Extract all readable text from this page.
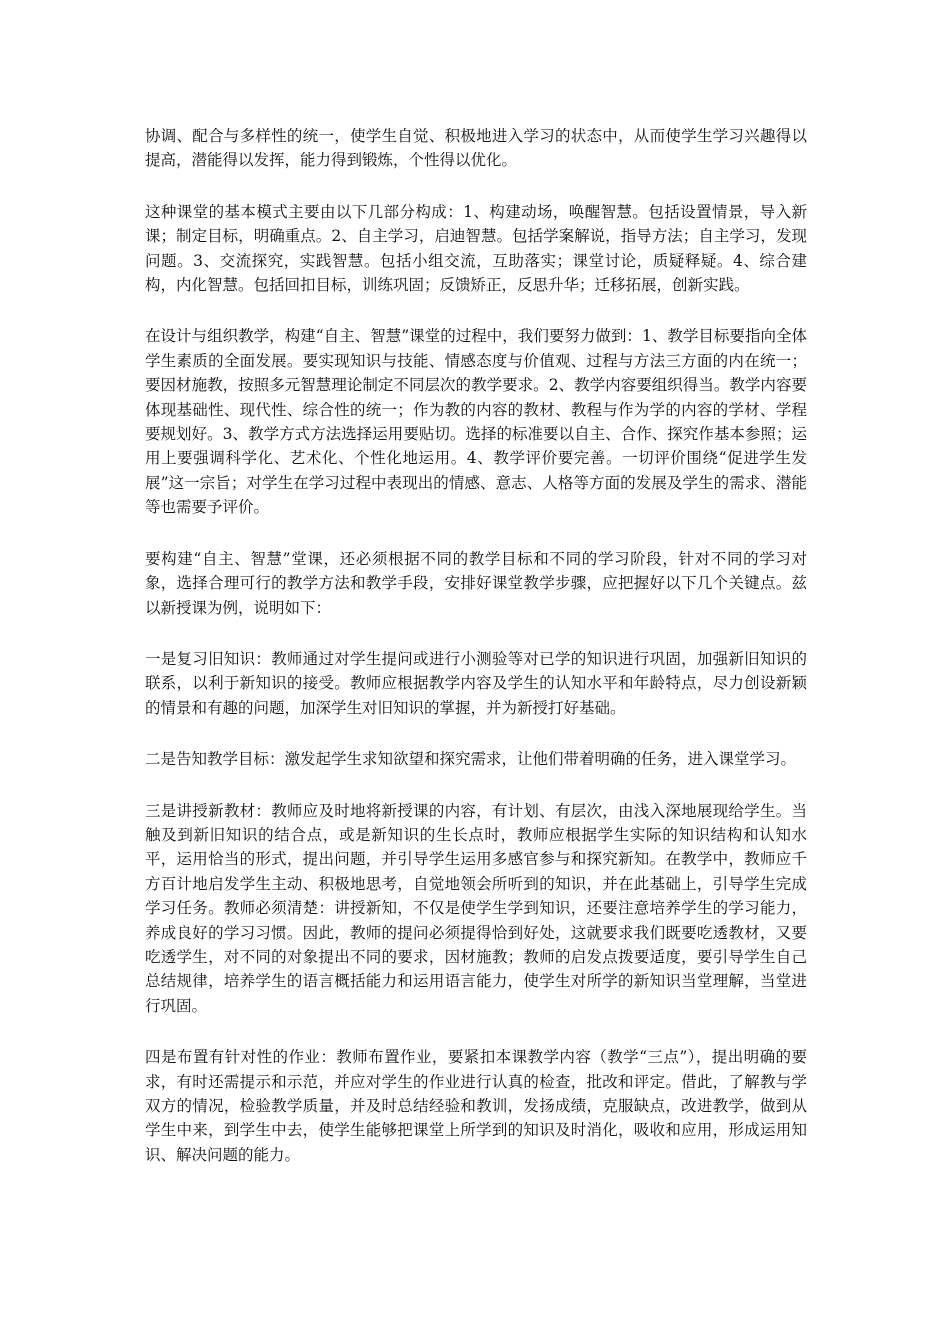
协调、配合与多样性的统一，使学生自觉、积极地进入学习的状态中，从而使学生学习兴趣得以提高，潜能得以发挥，能力得到锻炼，个性得以优化。

这种课堂的基本模式主要由以下几部分构成：1、构建动场，唤醒智慧。包括设置情景，导入新课；制定目标，明确重点。2、自主学习，启迪智慧。包括学案解说，指导方法；自主学习，发现问题。3、交流探究，实践智慧。包括小组交流，互助落实；课堂讨论，质疑释疑。4、综合建构，内化智慧。包括回扣目标，训练巩固；反馈矫正，反思升华；迁移拓展，创新实践。

在设计与组织教学，构建“自主、智慧”课堂的过程中，我们要努力做到：1、教学目标要指向全体学生素质的全面发展。要实现知识与技能、情感态度与价值观、过程与方法三方面的内在统一；要因材施教，按照多元智慧理论制定不同层次的教学要求。2、教学内容要组织得当。教学内容要体现基础性、现代性、综合性的统一；作为教的内容的教材、教程与作为学的内容的学材、学程要规划好。3、教学方式方法选择运用要贴切。选择的标准要以自主、合作、探究作基本参照；运用上要强调科学化、艺术化、个性化地运用。4、教学评价要完善。一切评价围绕“促进学生发展”这一宗旨；对学生在学习过程中表现出的情感、意志、人格等方面的发展及学生的需求、潜能等也需要予评价。

要构建“自主、智慧”堂课，还必须根据不同的教学目标和不同的学习阶段，针对不同的学习对象，选择合理可行的教学方法和教学手段，安排好课堂教学步骤，应把握好以下几个关键点。兹以新授课为例，说明如下：

一是复习旧知识：教师通过对学生提问或进行小测验等对已学的知识进行巩固，加强新旧知识的联系，以利于新知识的接受。教师应根据教学内容及学生的认知水平和年龄特点，尽力创设新颖的情景和有趣的问题，加深学生对旧知识的掌握，并为新授打好基础。

二是告知教学目标：激发起学生求知欲望和探究需求，让他们带着明确的任务，进入课堂学习。

三是讲授新教材：教师应及时地将新授课的内容，有计划、有层次，由浅入深地展现给学生。当触及到新旧知识的结合点，或是新知识的生长点时，教师应根据学生实际的知识结构和认知水平，运用恰当的形式，提出问题，并引导学生运用多感官参与和探究新知。在教学中，教师应千方百计地启发学生主动、积极地思考，自觉地领会所听到的知识，并在此基础上，引导学生完成学习任务。教师必须清楚：讲授新知，不仅是使学生学到知识，还要注意培养学生的学习能力，养成良好的学习习惯。因此，教师的提问必须提得恰到好处，这就要求我们既要吃透教材，又要吃透学生，对不同的对象提出不同的要求，因材施教；教师的启发点拨要适度，要引导学生自己总结规律，培养学生的语言概括能力和运用语言能力，使学生对所学的新知识当堂理解，当堂进行巩固。

四是布置有针对性的作业：教师布置作业，要紧扣本课教学内容（教学“三点”），提出明确的要求，有时还需提示和示范，并应对学生的作业进行认真的检查，批改和评定。借此，了解教与学双方的情况，检验教学质量，并及时总结经验和教训，发扬成绩，克服缺点，改进教学，做到从学生中来，到学生中去，使学生能够把课堂上所学到的知识及时消化，吸收和应用，形成运用知识、解决问题的能力。
